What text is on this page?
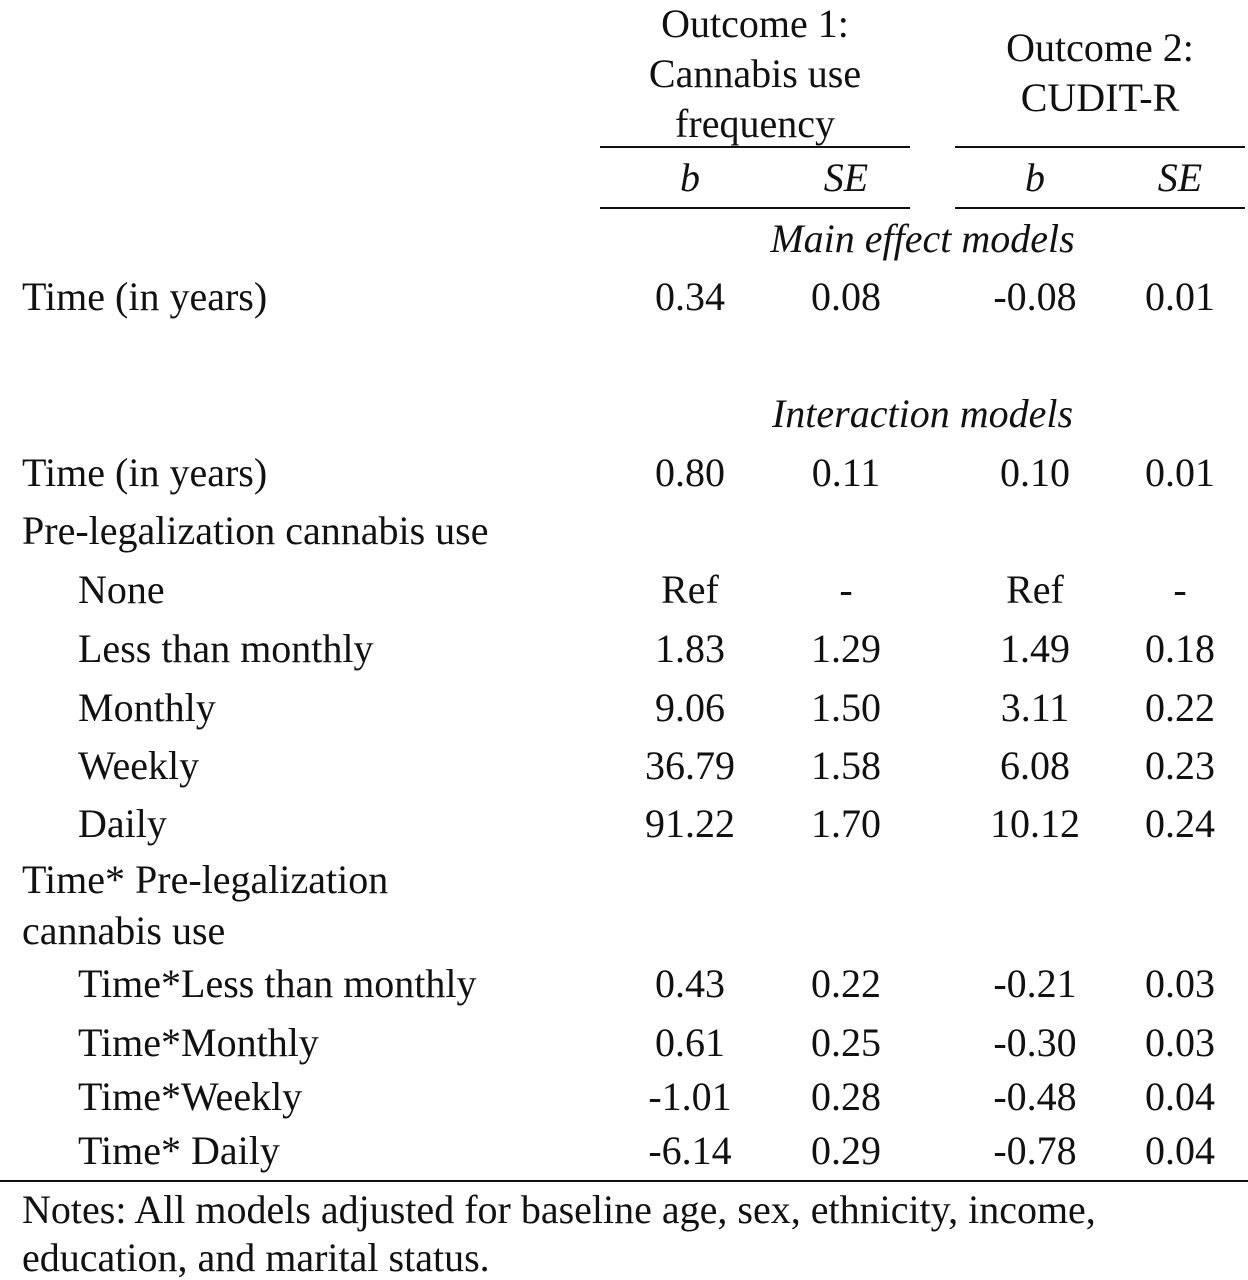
Outcome 1:
Cannabis use
frequency
Outcome 2:
CUDIT-R
b	SE	b	SE
Main effect models
Time (in years)	0.34	0.08	-0.08	0.01
Interaction models
Time (in years)	0.80	0.11	0.10	0.01
Pre-legalization cannabis use
None	Ref	-	Ref	-
Less than monthly	1.83	1.29	1.49	0.18
Monthly	9.06	1.50	3.11	0.22
Weekly	36.79	1.58	6.08	0.23
Daily	91.22	1.70	10.12	0.24
Time* Pre-legalization
cannabis use
Time*Less than monthly	0.43	0.22	-0.21	0.03
Time*Monthly	0.61	0.25	-0.30	0.03
Time*Weekly	-1.01	0.28	-0.48	0.04
Time* Daily	-6.14	0.29	-0.78	0.04
Notes: All models adjusted for baseline age, sex, ethnicity, income,
education, and marital status.
